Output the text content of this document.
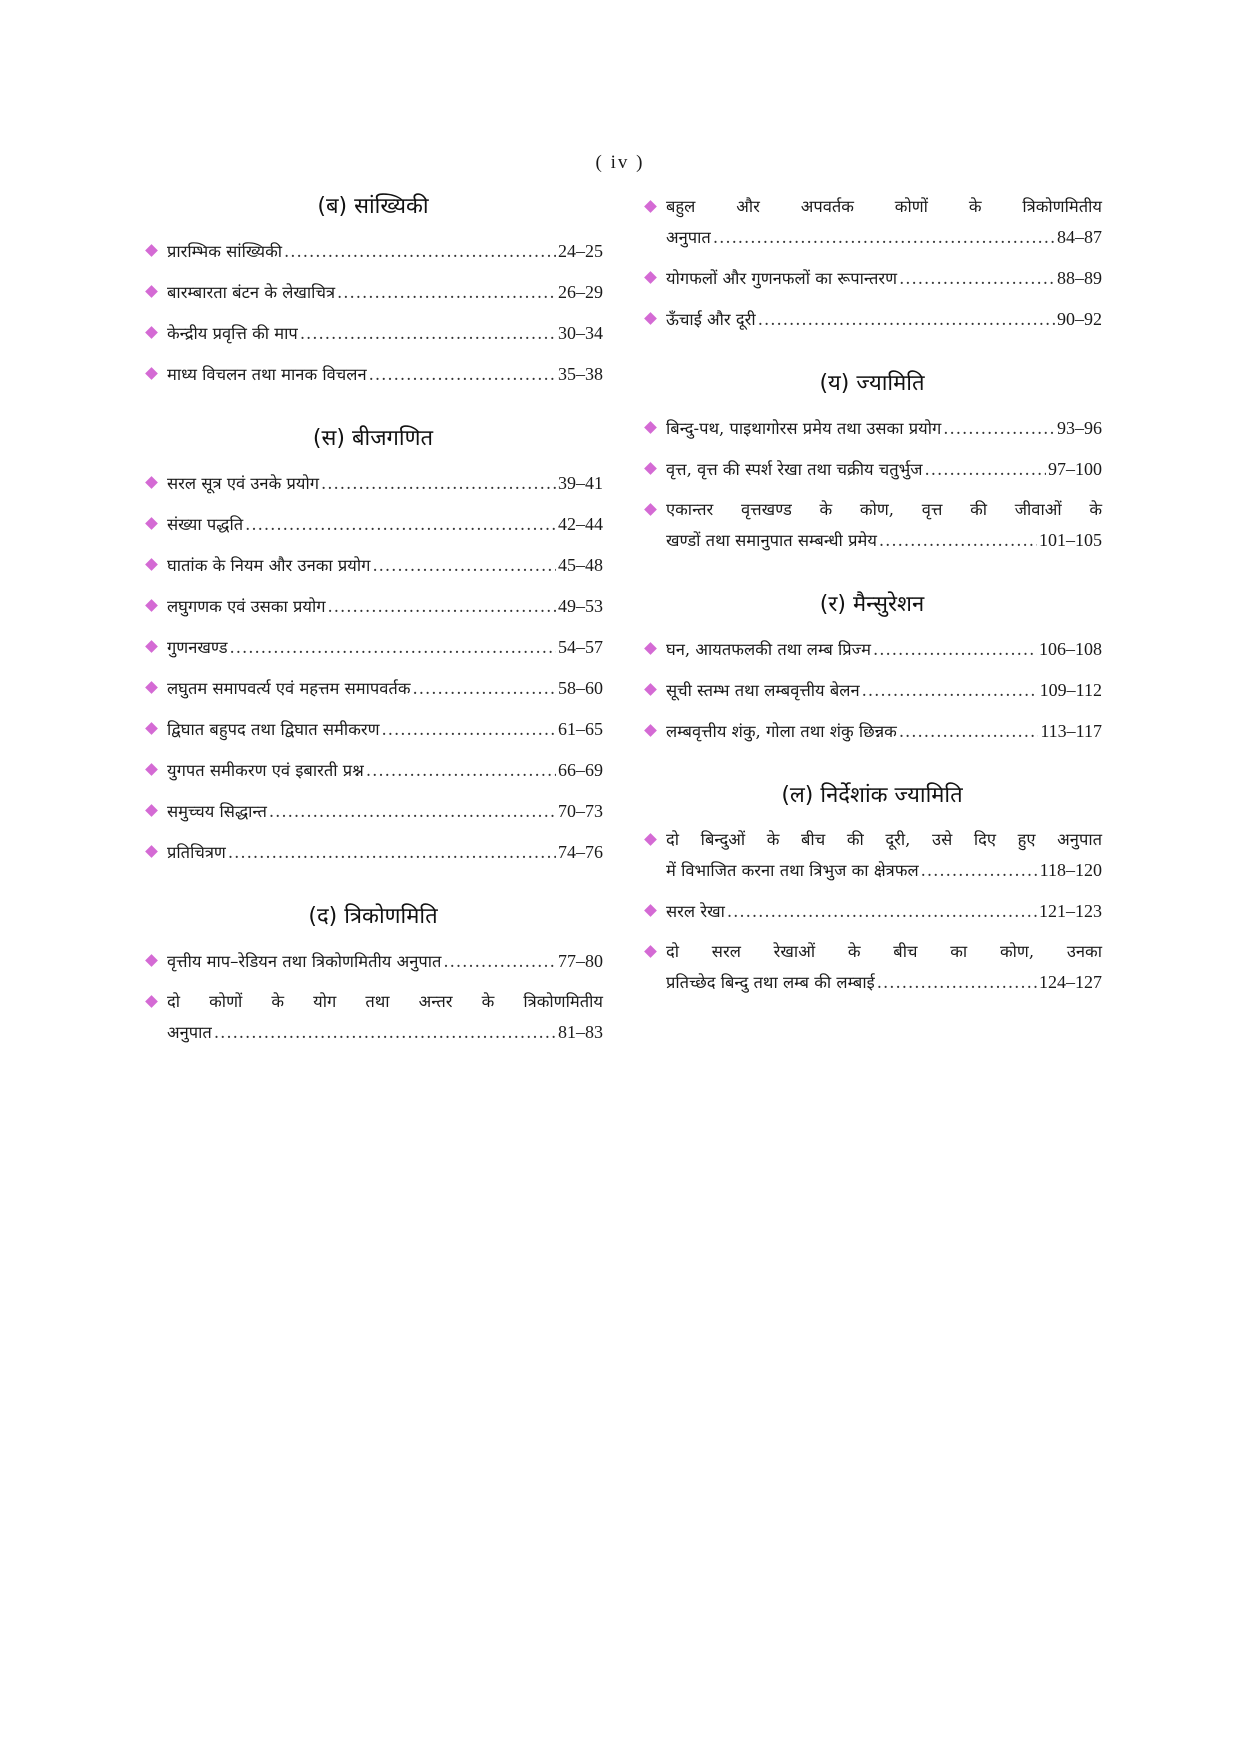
( iv )
(ब) सांख्यिकी
प्रारम्भिक सांख्यिकी .....	24–25
बारम्बारता बंटन के लेखाचित्र .....	26–29
केन्द्रीय प्रवृत्ति की माप .....	30–34
माध्य विचलन तथा मानक विचलन .....	35–38
(स) बीजगणित
सरल सूत्र एवं उनके प्रयोग .....	39–41
संख्या पद्धति .....	42–44
घातांक के नियम और उनका प्रयोग .....	45–48
लघुगणक एवं उसका प्रयोग .....	49–53
गुणनखण्ड .....	54–57
लघुतम समापवर्त्य एवं महत्तम समापवर्तक .....	58–60
द्विघात बहुपद तथा द्विघात समीकरण .....	61–65
युगपत समीकरण एवं इबारती प्रश्न .....	66–69
समुच्चय सिद्धान्त .....	70–73
प्रतिचित्रण .....	74–76
(द) त्रिकोणमिति
वृत्तीय माप–रेडियन तथा त्रिकोणमितीय अनुपात .....	77–80
दो कोणों के योग तथा अन्तर के त्रिकोणमितीय
अनुपात .....	81–83
बहुल और अपवर्तक कोणों के त्रिकोणमितीय
अनुपात .....	84–87
योगफलों और गुणनफलों का रूपान्तरण .....	88–89
ऊँचाई और दूरी .....	90–92
(य) ज्यामिति
बिन्दु-पथ, पाइथागोरस प्रमेय तथा उसका प्रयोग .....	93–96
वृत्त, वृत्त की स्पर्श रेखा तथा चक्रीय चतुर्भुज .....	97–100
एकान्तर वृत्तखण्ड के कोण, वृत्त की जीवाओं के
खण्डों तथा समानुपात सम्बन्धी प्रमेय .....	101–105
(र) मैन्सुरेशन
घन, आयतफलकी तथा लम्ब प्रिज्म .....	106–108
सूची स्तम्भ तथा लम्बवृत्तीय बेलन .....	109–112
लम्बवृत्तीय शंकु, गोला तथा शंकु छिन्नक .....	113–117
(ल) निर्देशांक ज्यामिति
दो बिन्दुओं के बीच की दूरी, उसे दिए हुए अनुपात
में विभाजित करना तथा त्रिभुज का क्षेत्रफल .....	118–120
सरल रेखा .....	121–123
दो सरल रेखाओं के बीच का कोण, उनका
प्रतिच्छेद बिन्दु तथा लम्ब की लम्बाई .....	124–127
